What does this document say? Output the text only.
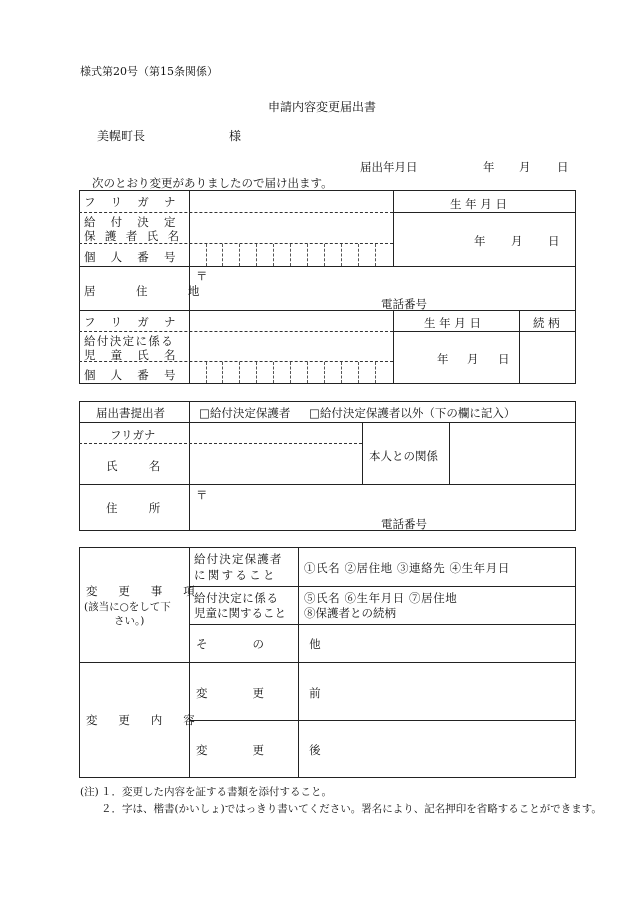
様式第20号（第15条関係）
申請内容変更届出書
美幌町長	様
届出年月日	年 月 日
次のとおり変更がありましたので届け出ます。
フ リ ガ ナ	生 年 月 日
給 付 決 定
保 護 者 氏 名	年 月 日
個 人 番 号
居 住 地
〒
電話番号
フ リ ガ ナ	生 年 月 日	続 柄
給付決定に係る
児 童 氏 名	年 月 日
個 人 番 号
届出書提出者	□給付決定保護者 □給付決定保護者以外（下の欄に記入）
フリガナ
氏 名
本人との関係
住 所
〒
電話番号
変 更 事 項
(該当に○をして下
さい。)
給付決定保護者
に関すること ①氏名 ②居住地 ③連絡先 ④生年月日
給付決定に係る
児童に関すること
⑤氏名 ⑥生年月日 ⑦居住地
⑧保護者との続柄
そ の 他
変 更 内 容
変 更 前
変 更 後
(注) １．変更した内容を証する書類を添付すること。
２．字は、楷書(かいしょ)ではっきり書いてください。署名により、記名押印を省略することができます。
